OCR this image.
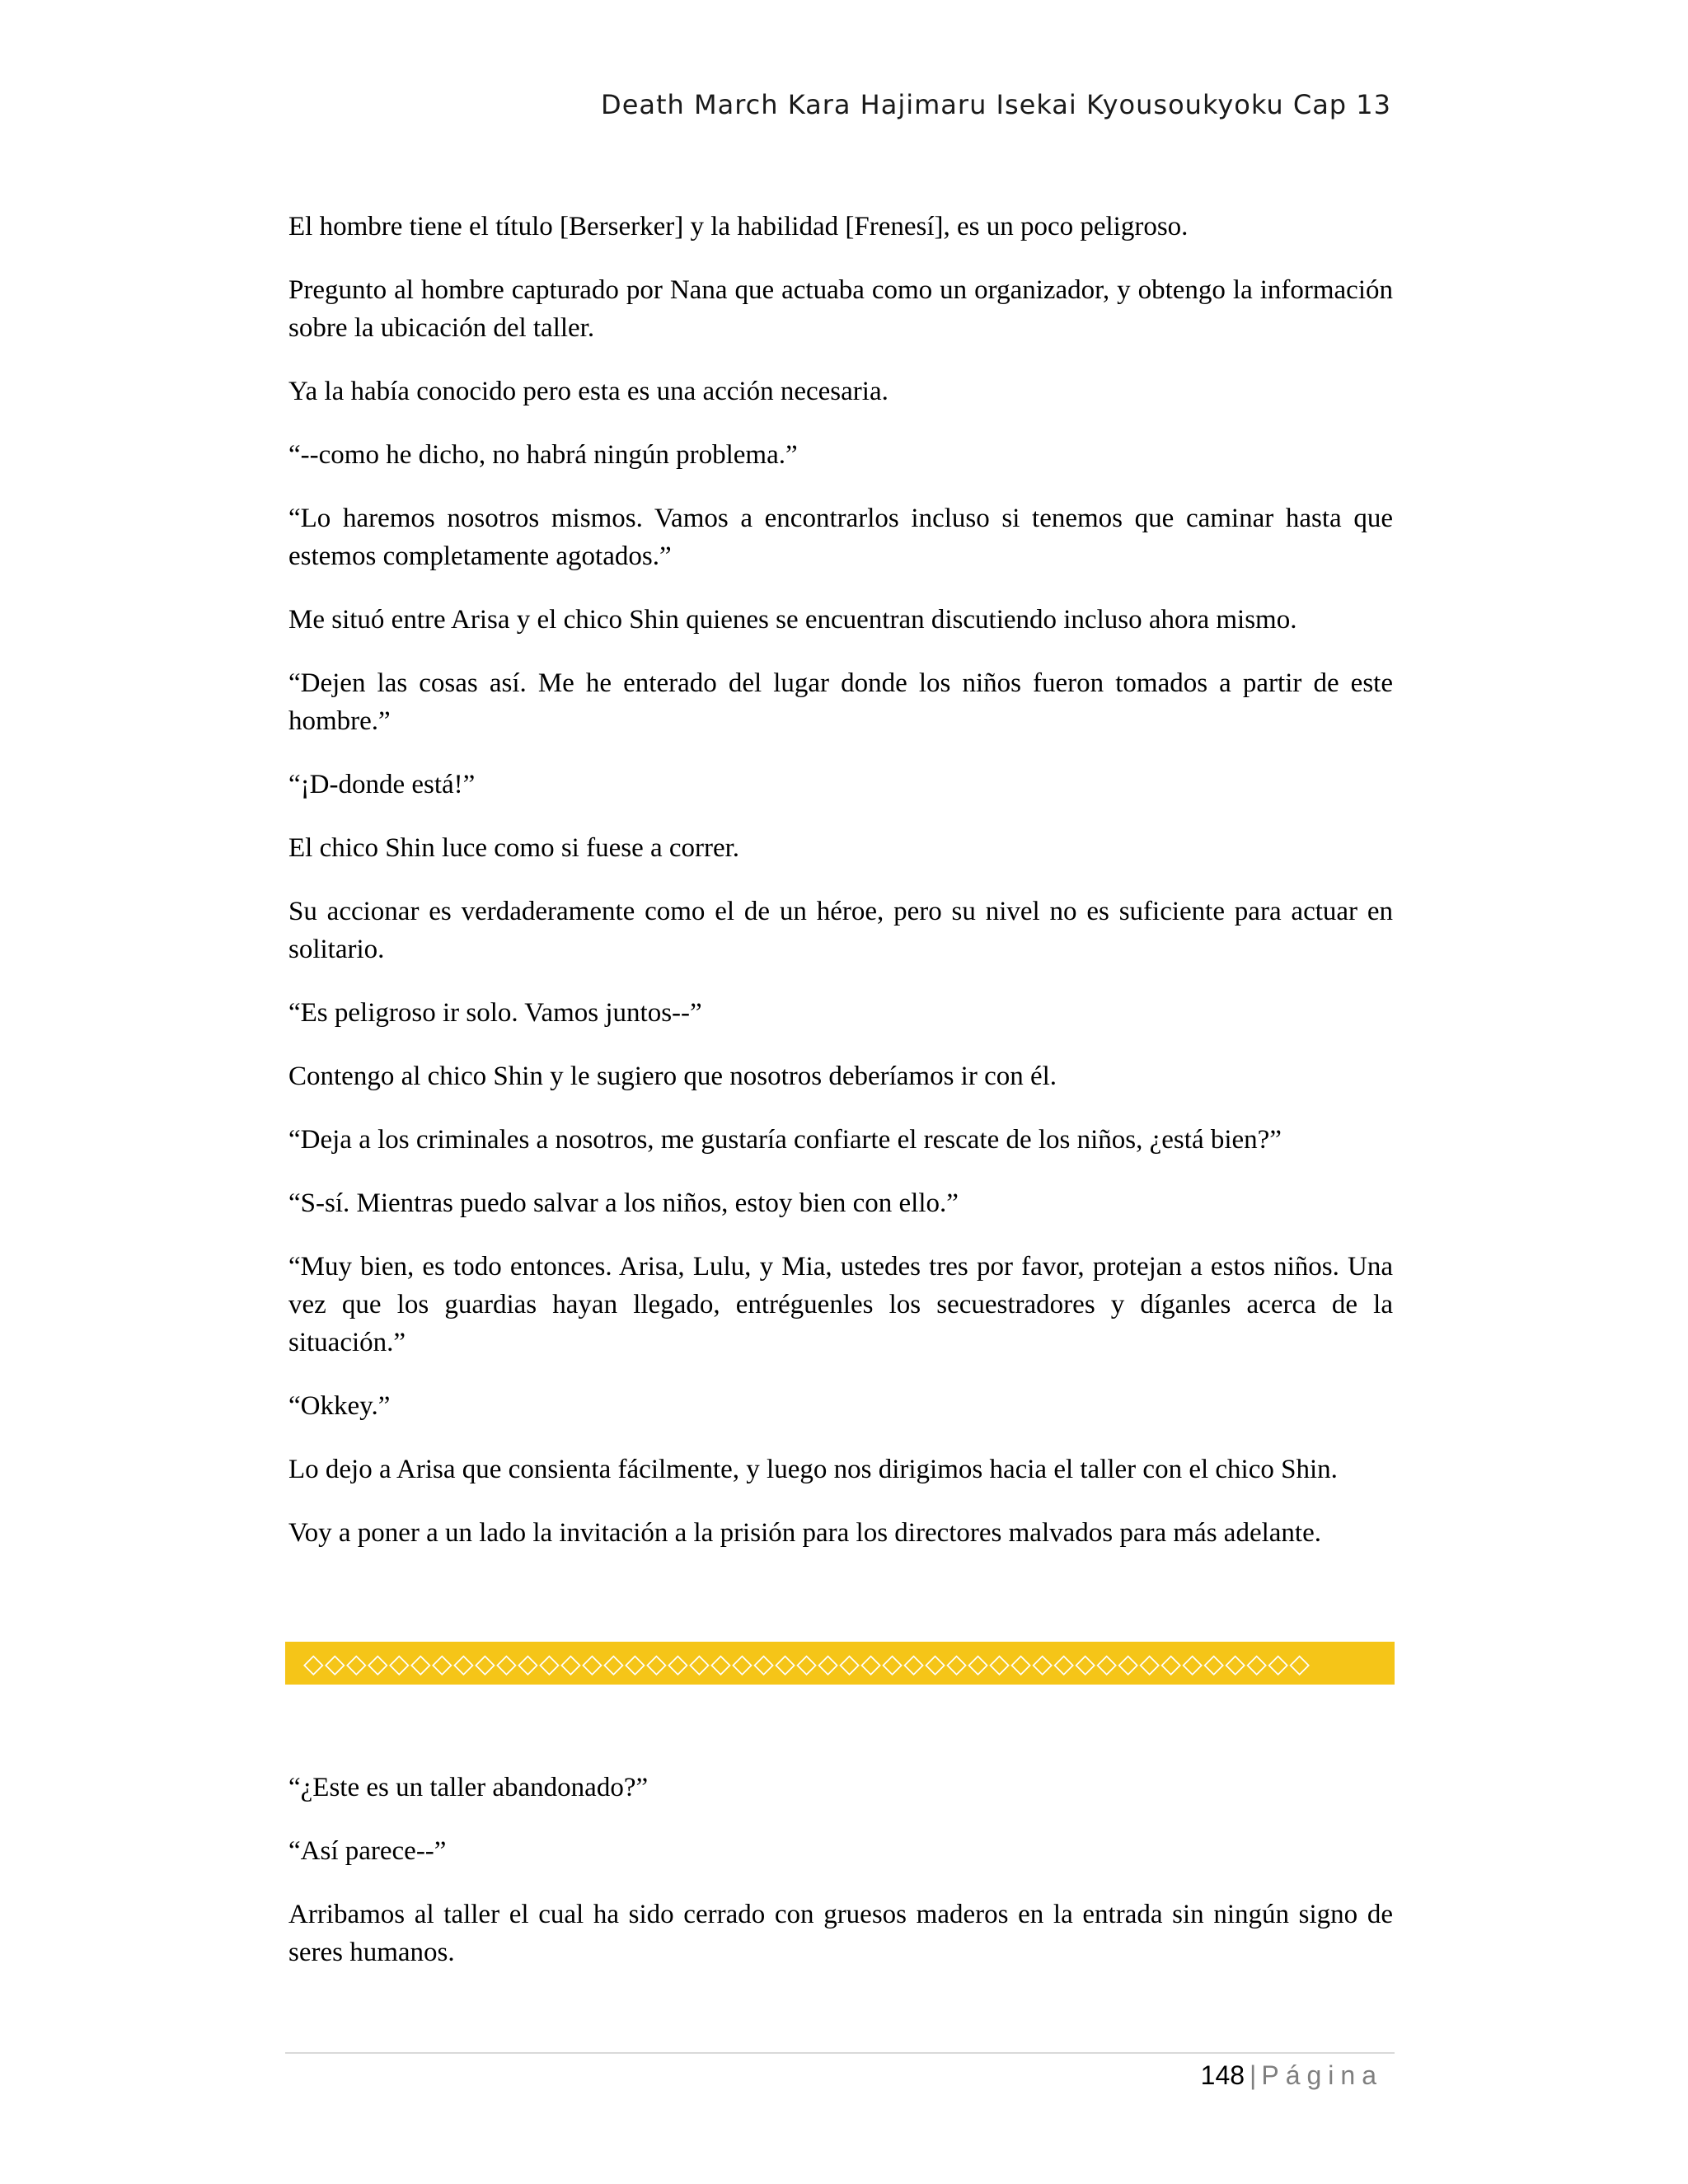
Death March Kara Hajimaru Isekai Kyousoukyoku Cap 13

El hombre tiene el título [Berserker] y la habilidad [Frenesí], es un poco peligroso.

Pregunto al hombre capturado por Nana que actuaba como un organizador, y obtengo la información sobre la ubicación del taller.

Ya la había conocido pero esta es una acción necesaria.

“--como he dicho, no habrá ningún problema.”

“Lo haremos nosotros mismos. Vamos a encontrarlos incluso si tenemos que caminar hasta que estemos completamente agotados.”

Me situó entre Arisa y el chico Shin quienes se encuentran discutiendo incluso ahora mismo.

“Dejen las cosas así. Me he enterado del lugar donde los niños fueron tomados a partir de este hombre.”

“¡D-donde está!”

El chico Shin luce como si fuese a correr.

Su accionar es verdaderamente como el de un héroe, pero su nivel no es suficiente para actuar en solitario.

“Es peligroso ir solo. Vamos juntos--”

Contengo al chico Shin y le sugiero que nosotros deberíamos ir con él.

“Deja a los criminales a nosotros, me gustaría confiarte el rescate de los niños, ¿está bien?”

“S-sí. Mientras puedo salvar a los niños, estoy bien con ello.”

“Muy bien, es todo entonces. Arisa, Lulu, y Mia, ustedes tres por favor, protejan a estos niños. Una vez que los guardias hayan llegado, entréguenles los secuestradores y díganles acerca de la situación.”

“Okkey.”

Lo dejo a Arisa que consienta fácilmente, y luego nos dirigimos hacia el taller con el chico Shin.

Voy a poner a un lado la invitación a la prisión para los directores malvados para más adelante.

◇◇◇◇◇◇◇◇◇◇◇◇◇◇◇◇◇◇◇◇◇◇◇◇◇◇◇◇◇◇◇◇◇◇◇◇◇◇◇◇◇◇◇◇◇◇◇

“¿Este es un taller abandonado?”

“Así parece--”

Arribamos al taller el cual ha sido cerrado con gruesos maderos en la entrada sin ningún signo de seres humanos.

148 | Página
